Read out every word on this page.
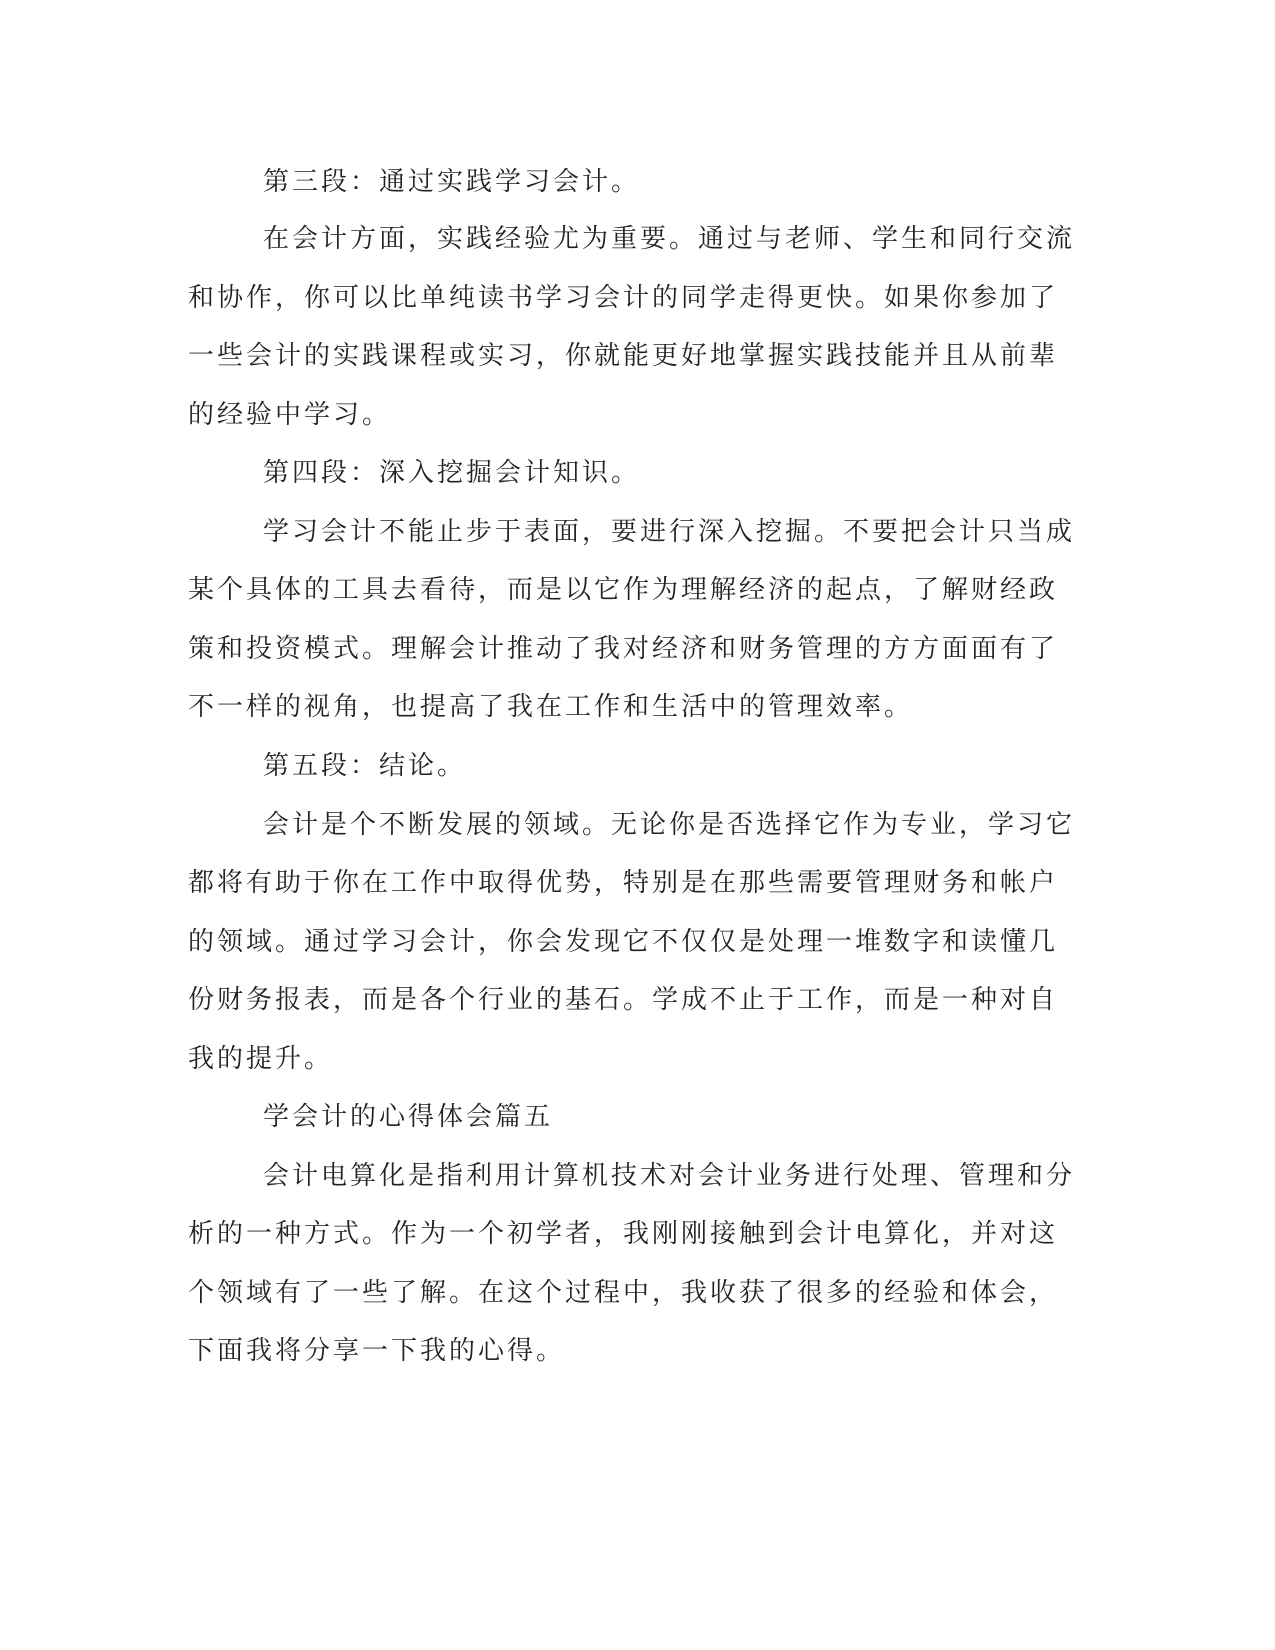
第三段：通过实践学习会计。
在会计方面，实践经验尤为重要。通过与老师、学生和同行交流
和协作，你可以比单纯读书学习会计的同学走得更快。如果你参加了
一些会计的实践课程或实习，你就能更好地掌握实践技能并且从前辈
的经验中学习。
第四段：深入挖掘会计知识。
学习会计不能止步于表面，要进行深入挖掘。不要把会计只当成
某个具体的工具去看待，而是以它作为理解经济的起点，了解财经政
策和投资模式。理解会计推动了我对经济和财务管理的方方面面有了
不一样的视角，也提高了我在工作和生活中的管理效率。
第五段：结论。
会计是个不断发展的领域。无论你是否选择它作为专业，学习它
都将有助于你在工作中取得优势，特别是在那些需要管理财务和帐户
的领域。通过学习会计，你会发现它不仅仅是处理一堆数字和读懂几
份财务报表，而是各个行业的基石。学成不止于工作，而是一种对自
我的提升。
学会计的心得体会篇五
会计电算化是指利用计算机技术对会计业务进行处理、管理和分
析的一种方式。作为一个初学者，我刚刚接触到会计电算化，并对这
个领域有了一些了解。在这个过程中，我收获了很多的经验和体会，
下面我将分享一下我的心得。
